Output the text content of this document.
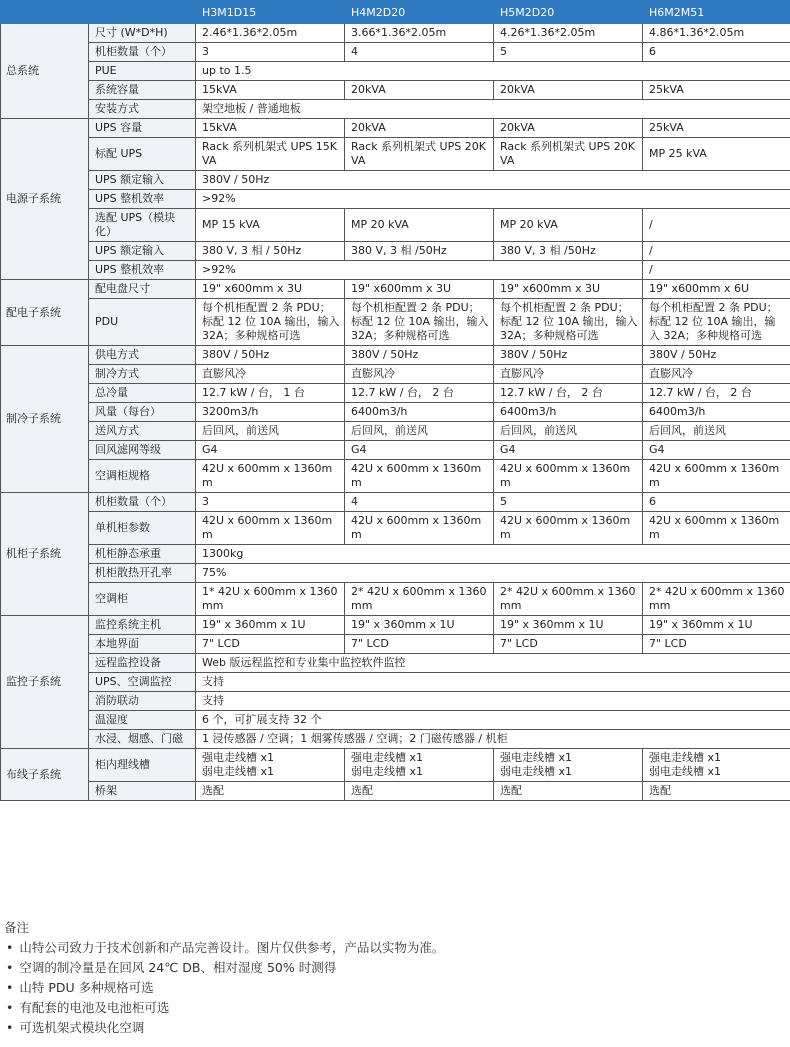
		H3M1D15	H4M2D20	H5M2D20	H6M2M51
总系统	尺寸 (W*D*H)	2.46*1.36*2.05m	3.66*1.36*2.05m	4.26*1.36*2.05m	4.86*1.36*2.05m
	机柜数量（个）	3	4	5	6
	PUE	up to 1.5			
	系统容量	15kVA	20kVA	20kVA	25kVA
	安装方式	架空地板 / 普通地板			
电源子系统	UPS 容量	15kVA	20kVA	20kVA	25kVA
	标配 UPS	Rack 系列机架式 UPS 15KVA	Rack 系列机架式 UPS 20KVA	Rack 系列机架式 UPS 20KVA	MP 25 kVA
	UPS 额定输入	380V / 50Hz			
	UPS 整机效率	>92%			
	选配 UPS（模块化）	MP 15 kVA	MP 20 kVA	MP 20 kVA	/
	UPS 额定输入	380 V, 3 相 / 50Hz	380 V, 3 相 /50Hz	380 V, 3 相 /50Hz	/
	UPS 整机效率	>92%			/
配电子系统	配电盘尺寸	19" x600mm x 3U	19" x600mm x 3U	19" x600mm x 3U	19" x600mm x 6U
	PDU	每个机柜配置 2 条 PDU；标配 12 位 10A 输出，输入 32A；多种规格可选	每个机柜配置 2 条 PDU；标配 12 位 10A 输出，输入 32A；多种规格可选	每个机柜配置 2 条 PDU；标配 12 位 10A 输出，输入 32A；多种规格可选	每个机柜配置 2 条 PDU；标配 12 位 10A 输出，输入 32A；多种规格可选
制冷子系统	供电方式	380V / 50Hz	380V / 50Hz	380V / 50Hz	380V / 50Hz
	制冷方式	直膨风冷	直膨风冷	直膨风冷	直膨风冷
	总冷量	12.7 kW / 台， 1 台	12.7 kW / 台， 2 台	12.7 kW / 台， 2 台	12.7 kW / 台， 2 台
	风量（每台）	3200m3/h	6400m3/h	6400m3/h	6400m3/h
	送风方式	后回风，前送风	后回风，前送风	后回风，前送风	后回风，前送风
	回风滤网等级	G4	G4	G4	G4
	空调柜规格	42U x 600mm x 1360mm	42U x 600mm x 1360mm	42U x 600mm x 1360mm	42U x 600mm x 1360mm
机柜子系统	机柜数量（个）	3	4	5	6
	单机柜参数	42U x 600mm x 1360mm	42U x 600mm x 1360mm	42U x 600mm x 1360mm	42U x 600mm x 1360mm
	机柜静态承重	1300kg			
	机柜散热开孔率	75%			
	空调柜	1* 42U x 600mm x 1360mm	2* 42U x 600mm x 1360mm	2* 42U x 600mm x 1360mm	2* 42U x 600mm x 1360mm
监控子系统	监控系统主机	19" x 360mm x 1U	19" x 360mm x 1U	19" x 360mm x 1U	19" x 360mm x 1U
	本地界面	7" LCD	7" LCD	7" LCD	7" LCD
	远程监控设备	Web 版远程监控和专业集中监控软件监控			
	UPS、空调监控	支持			
	消防联动	支持			
	温湿度	6 个，可扩展支持 32 个			
	水浸、烟感、门磁	1 浸传感器 / 空调；1 烟雾传感器 / 空调；2 门磁传感器 / 机柜			
布线子系统	柜内理线槽	强电走线槽 x1
弱电走线槽 x1	强电走线槽 x1
弱电走线槽 x1	强电走线槽 x1
弱电走线槽 x1	强电走线槽 x1
弱电走线槽 x1
	桥架	选配	选配	选配	选配
备注
• 山特公司致力于技术创新和产品完善设计。图片仅供参考，产品以实物为准。
• 空调的制冷量是在回风 24℃ DB、相对湿度 50% 时测得
• 山特 PDU 多种规格可选
• 有配套的电池及电池柜可选
• 可选机架式模块化空调
